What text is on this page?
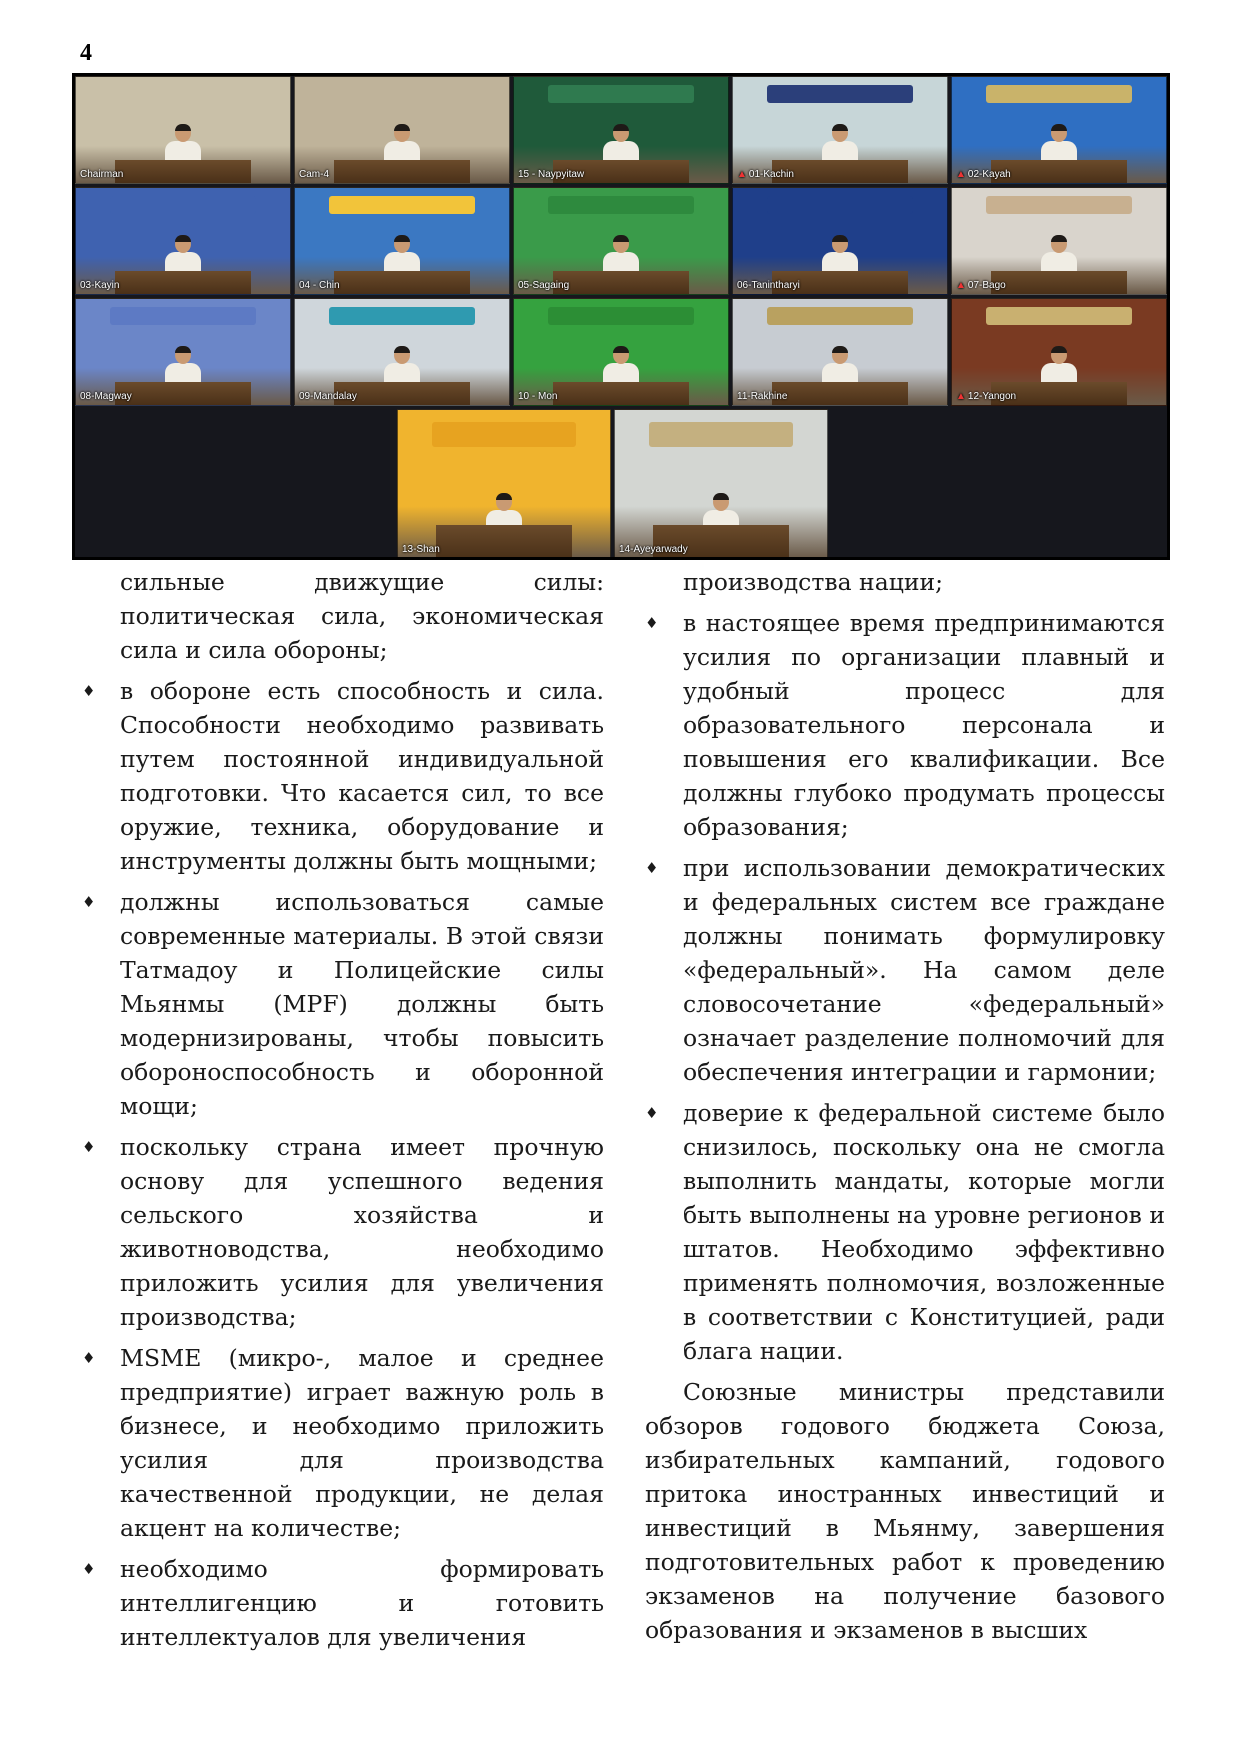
4
Chairman	Cam-4	15 - Naypyitaw	▲ 01-Kachin	▲ 02-Kayah
03-Kayin	04 - Chin	05-Sagaing	06-Tanintharyi	▲ 07-Bago
08-Magway	09-Mandalay	10 - Mon	11-Rakhine	▲ 12-Yangon
13-Shan	14-Ayeyarwady

сильные движущие силы: политическая сила, экономическая сила и сила обороны;

♦ в обороне есть способность и сила. Способности необходимо развивать путем постоянной индивидуальной подготовки. Что касается сил, то все оружие, техника, оборудование и инструменты должны быть мощными;

♦ должны использоваться самые современные материалы. В этой связи Татмадоу и Полицейские силы Мьянмы (MPF) должны быть модернизированы, чтобы повысить обороноспособность и оборонной мощи;

♦ поскольку страна имеет прочную основу для успешного ведения сельского хозяйства и животноводства, необходимо приложить усилия для увеличения производства;

♦ MSME (микро-, малое и среднее предприятие) играет важную роль в бизнесе, и необходимо приложить усилия для производства качественной продукции, не делая акцент на количестве;

♦ необходимо формировать интеллигенцию и готовить интеллектуалов для увеличения

производства нации;

♦ в настоящее время предпринимаются усилия по организации плавный и удобный процесс для образовательного персонала и повышения его квалификации. Все должны глубоко продумать процессы образования;

♦ при использовании демократических и федеральных систем все граждане должны понимать формулировку «федеральный». На самом деле словосочетание «федеральный» означает разделение полномочий для обеспечения интеграции и гармонии;

♦ доверие к федеральной системе было снизилось, поскольку она не смогла выполнить мандаты, которые могли быть выполнены на уровне регионов и штатов. Необходимо эффективно применять полномочия, возложенные в соответствии с Конституцией, ради блага нации.

Союзные министры представили обзоров годового бюджета Союза, избирательных кампаний, годового притока иностранных инвестиций и инвестиций в Мьянму, завершения подготовительных работ к проведению экзаменов на получение базового образования и экзаменов в высших
